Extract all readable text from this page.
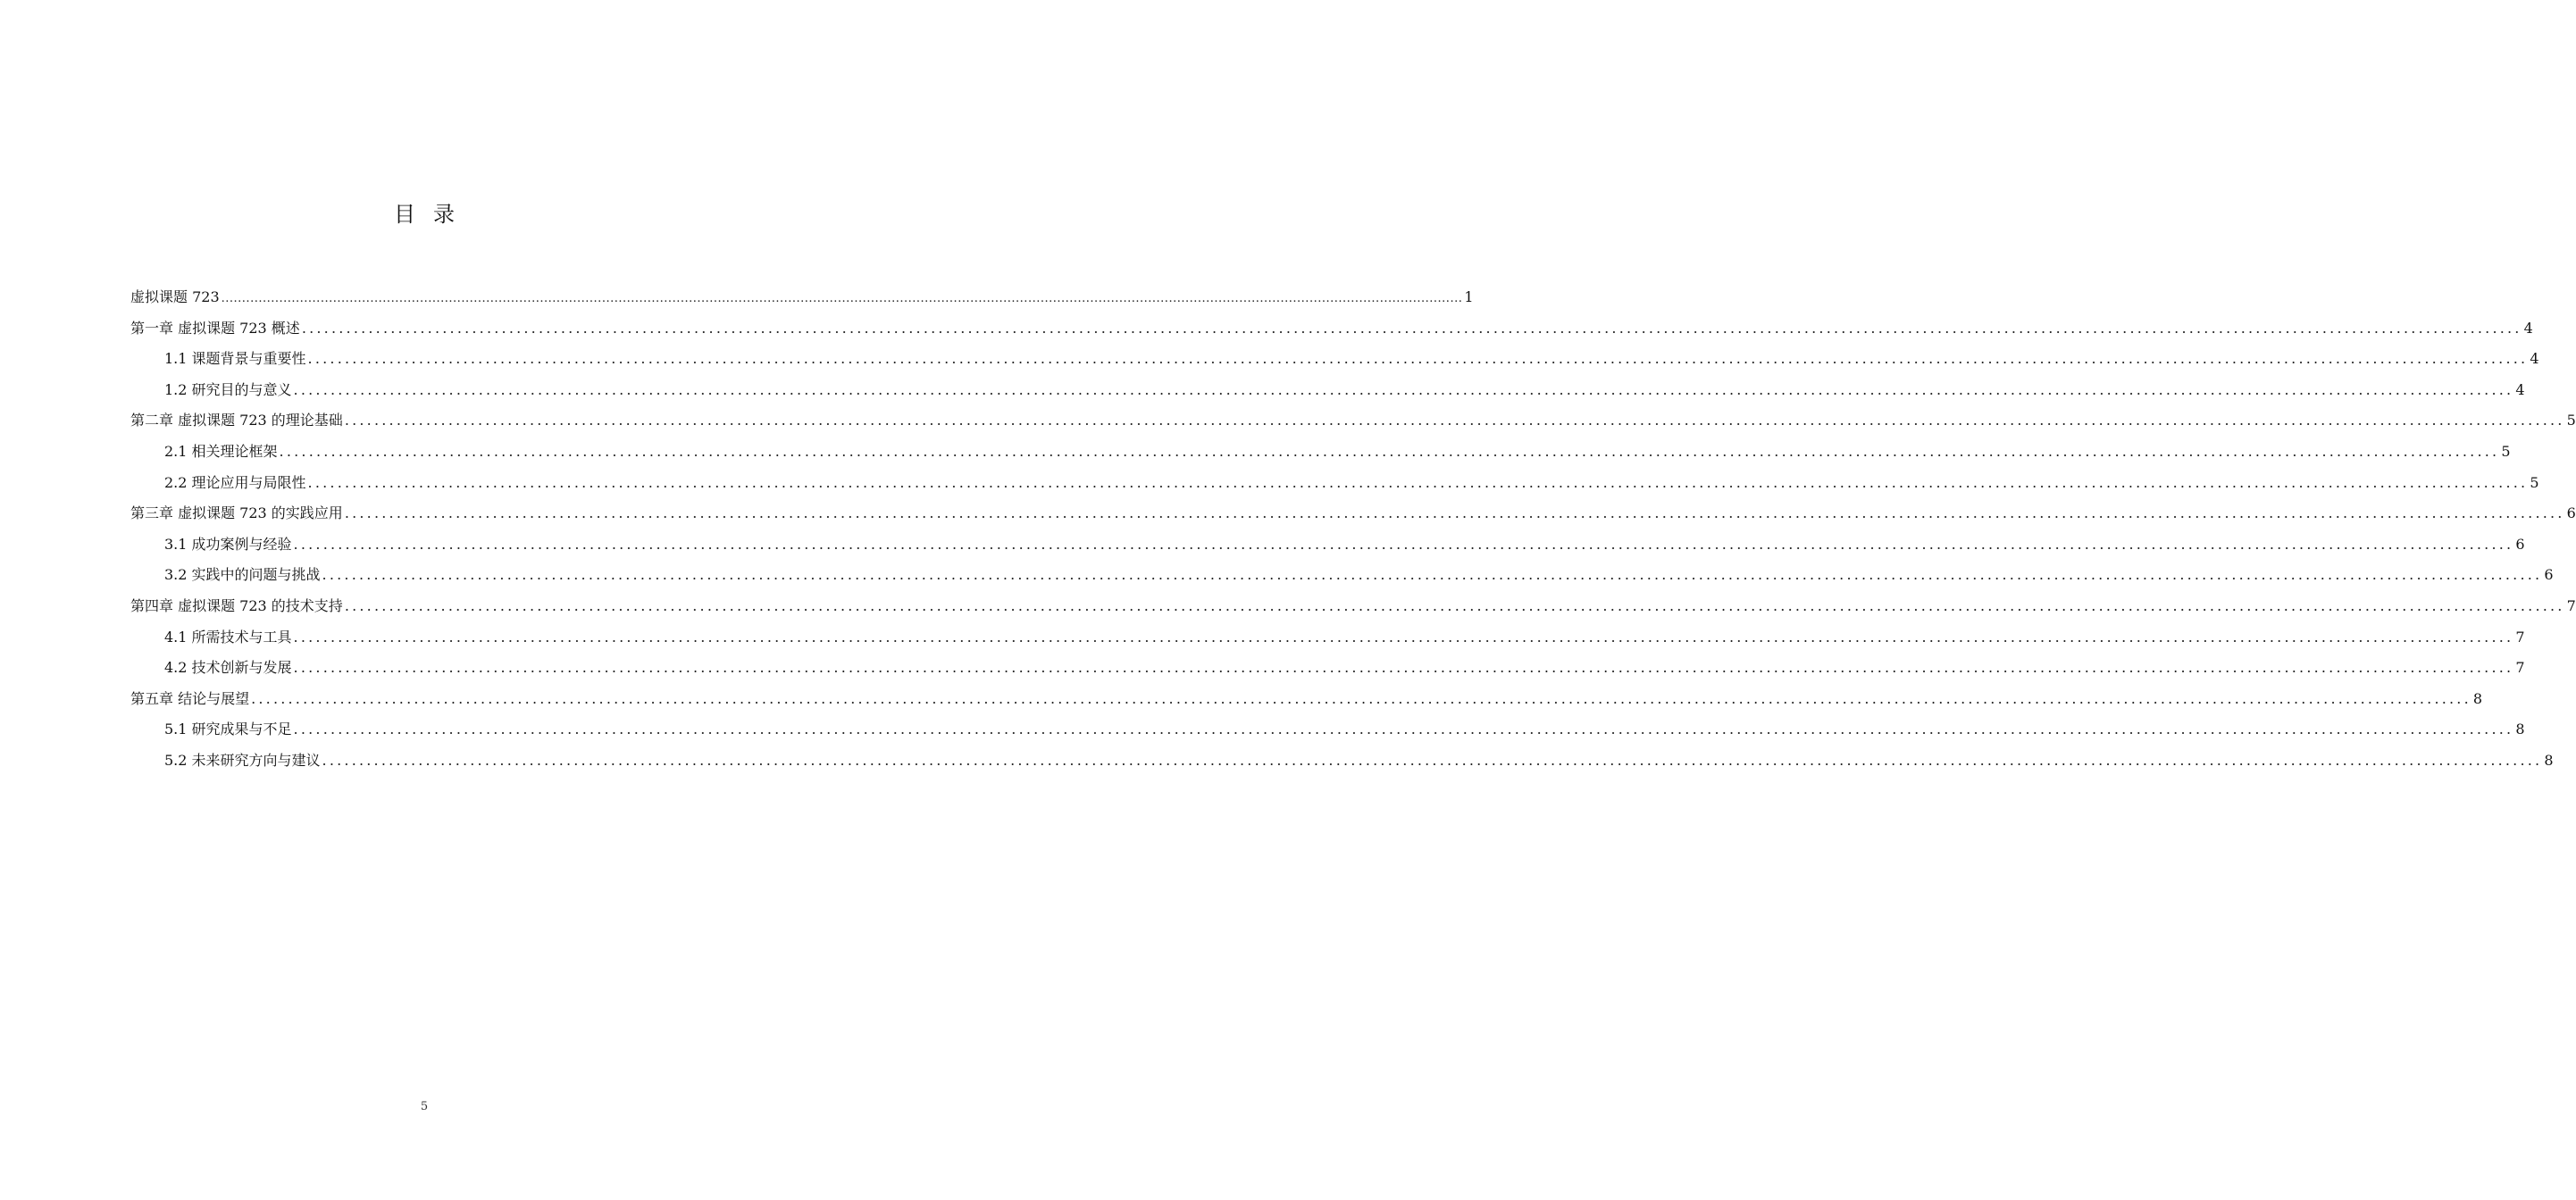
目录
虚拟课题 723 ............................................................................................................................................................................................................................................................................................................ 1
第一章 虚拟课题 723 概述 ............................................................................................................................................................................................................................................................................................................ 4
1.1 课题背景与重要性 ............................................................................................................................................................................................................................................................................................................ 4
1.2 研究目的与意义 ............................................................................................................................................................................................................................................................................................................ 4
第二章 虚拟课题 723 的理论基础 ............................................................................................................................................................................................................................................................................................................ 5
2.1 相关理论框架 ............................................................................................................................................................................................................................................................................................................ 5
2.2 理论应用与局限性 ............................................................................................................................................................................................................................................................................................................ 5
第三章 虚拟课题 723 的实践应用 ............................................................................................................................................................................................................................................................................................................ 6
3.1 成功案例与经验 ............................................................................................................................................................................................................................................................................................................ 6
3.2 实践中的问题与挑战 ............................................................................................................................................................................................................................................................................................................ 6
第四章 虚拟课题 723 的技术支持 ............................................................................................................................................................................................................................................................................................................ 7
4.1 所需技术与工具 ............................................................................................................................................................................................................................................................................................................ 7
4.2 技术创新与发展 ............................................................................................................................................................................................................................................................................................................ 7
第五章 结论与展望 ............................................................................................................................................................................................................................................................................................................ 8
5.1 研究成果与不足 ............................................................................................................................................................................................................................................................................................................ 8
5.2 未来研究方向与建议 ............................................................................................................................................................................................................................................................................................................ 8
5
